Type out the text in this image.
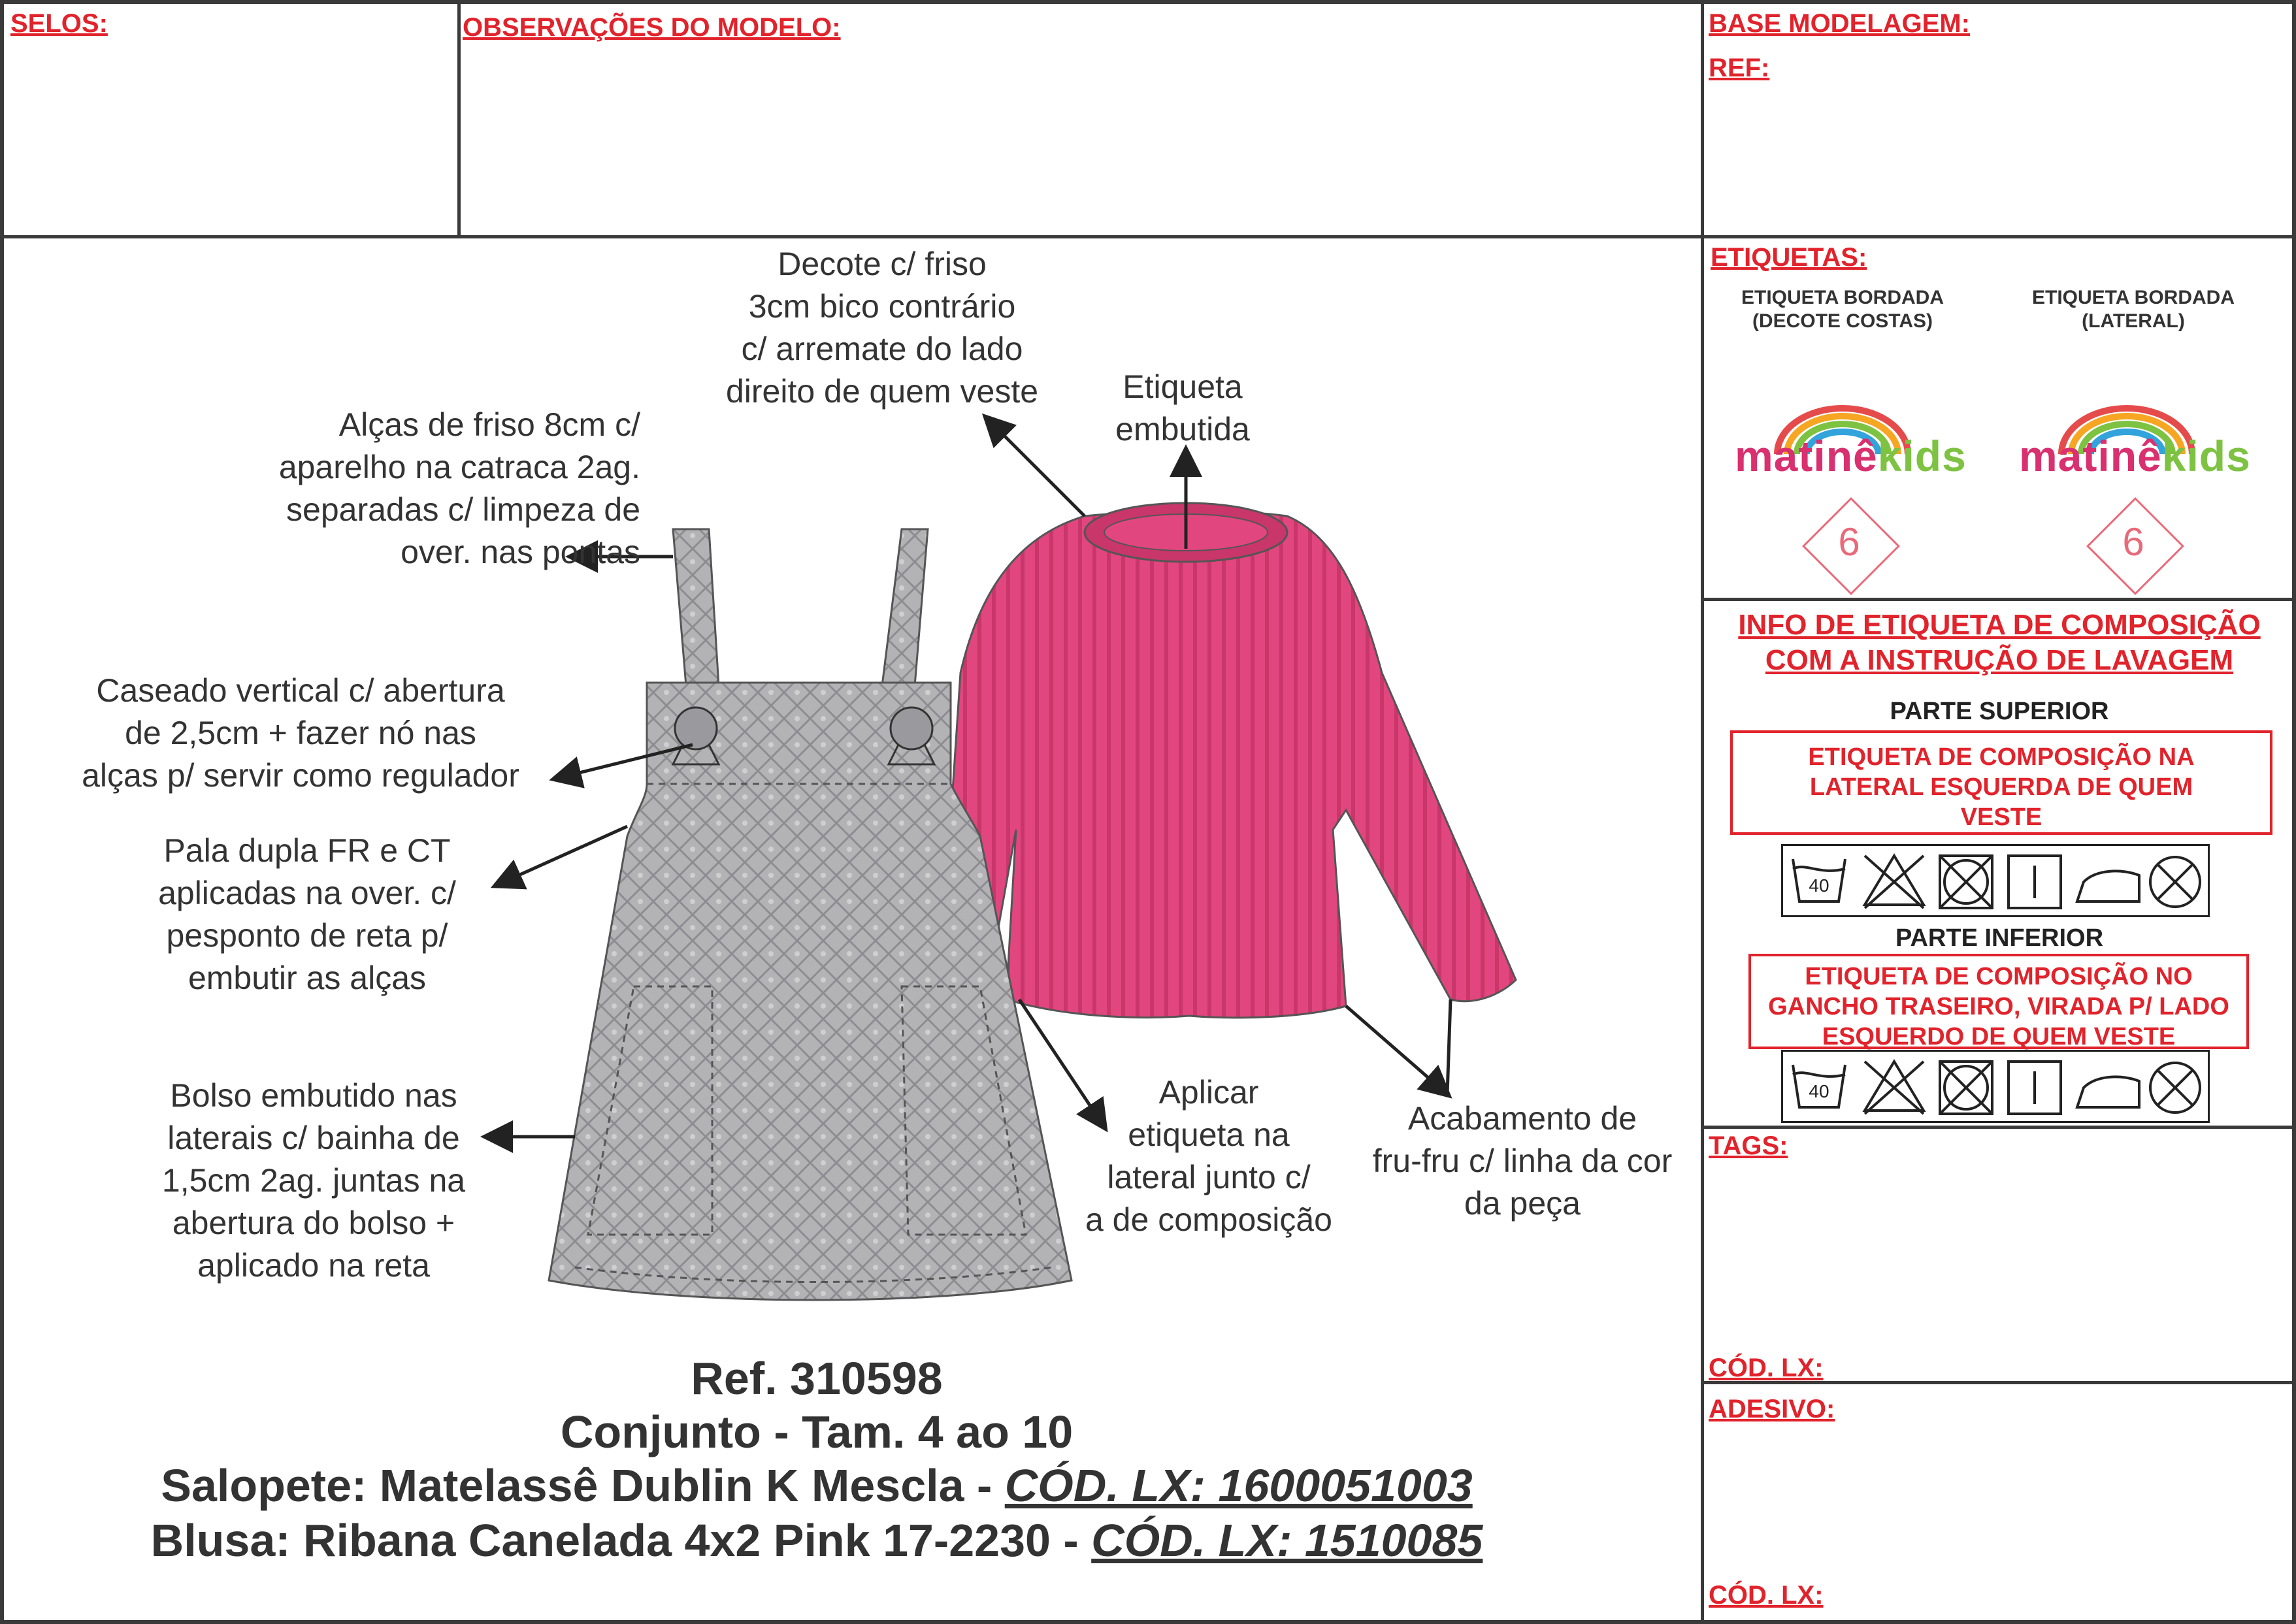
SELOS:	OBSERVAÇÕES DO MODELO:	BASE MODELAGEM:
REF:
Decote c/ friso
3cm bico contrário
c/ arremate do lado
direito de quem veste	Etiqueta
embutida
Alças de friso 8cm c/
aparelho na catraca 2ag.
separadas c/ limpeza de
over. nas pontas
Caseado vertical c/ abertura
de 2,5cm + fazer nó nas
alças p/ servir como regulador
Pala dupla FR e CT
aplicadas na over. c/
pesponto de reta p/
embutir as alças
Bolso embutido nas
laterais c/ bainha de
1,5cm 2ag. juntas na
abertura do bolso +
aplicado na reta
Aplicar
etiqueta na
lateral junto c/
a de composição
Acabamento de
fru-fru c/ linha da cor
da peça
Ref. 310598
Conjunto - Tam. 4 ao 10
Salopete: Matelassê Dublin K Mescla - CÓD. LX: 1600051003
Blusa: Ribana Canelada 4x2 Pink 17-2230 - CÓD. LX: 1510085
ETIQUETAS:
ETIQUETA BORDADA
(DECOTE COSTAS)
ETIQUETA BORDADA
(LATERAL)
matinêkids matinêkids
6	6
INFO DE ETIQUETA DE COMPOSIÇÃO
COM A INSTRUÇÃO DE LAVAGEM
PARTE SUPERIOR
ETIQUETA DE COMPOSIÇÃO NA
LATERAL ESQUERDA DE QUEM
VESTE
40
PARTE INFERIOR
ETIQUETA DE COMPOSIÇÃO NO
GANCHO TRASEIRO, VIRADA P/ LADO
ESQUERDO DE QUEM VESTE
40
TAGS:
CÓD. LX:
ADESIVO:
CÓD. LX:
